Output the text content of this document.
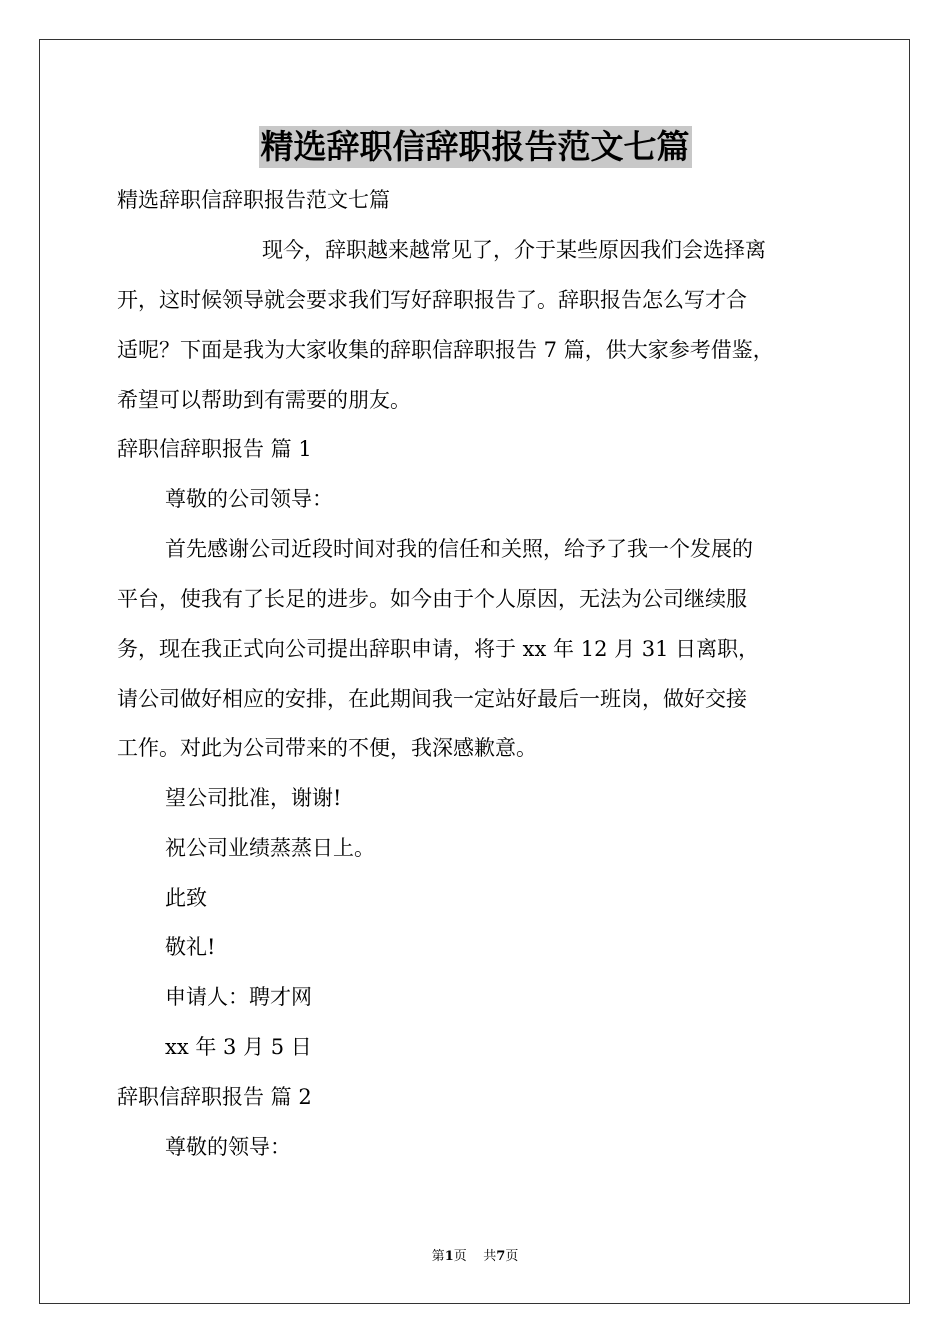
精选辞职信辞职报告范文七篇
精选辞职信辞职报告范文七篇
现今，辞职越来越常见了，介于某些原因我们会选择离
开，这时候领导就会要求我们写好辞职报告了。辞职报告怎么写才合
适呢？下面是我为大家收集的辞职信辞职报告 7 篇，供大家参考借鉴，
希望可以帮助到有需要的朋友。
辞职信辞职报告 篇 1
尊敬的公司领导：
首先感谢公司近段时间对我的信任和关照，给予了我一个发展的
平台，使我有了长足的进步。如今由于个人原因，无法为公司继续服
务，现在我正式向公司提出辞职申请，将于 xx 年 12 月 31 日离职，
请公司做好相应的安排，在此期间我一定站好最后一班岗，做好交接
工作。对此为公司带来的不便，我深感歉意。
望公司批准，谢谢!
祝公司业绩蒸蒸日上。
此致
敬礼!
申请人：聘才网
xx 年 3 月 5 日
辞职信辞职报告 篇 2
尊敬的领导：
第1页    共7页
